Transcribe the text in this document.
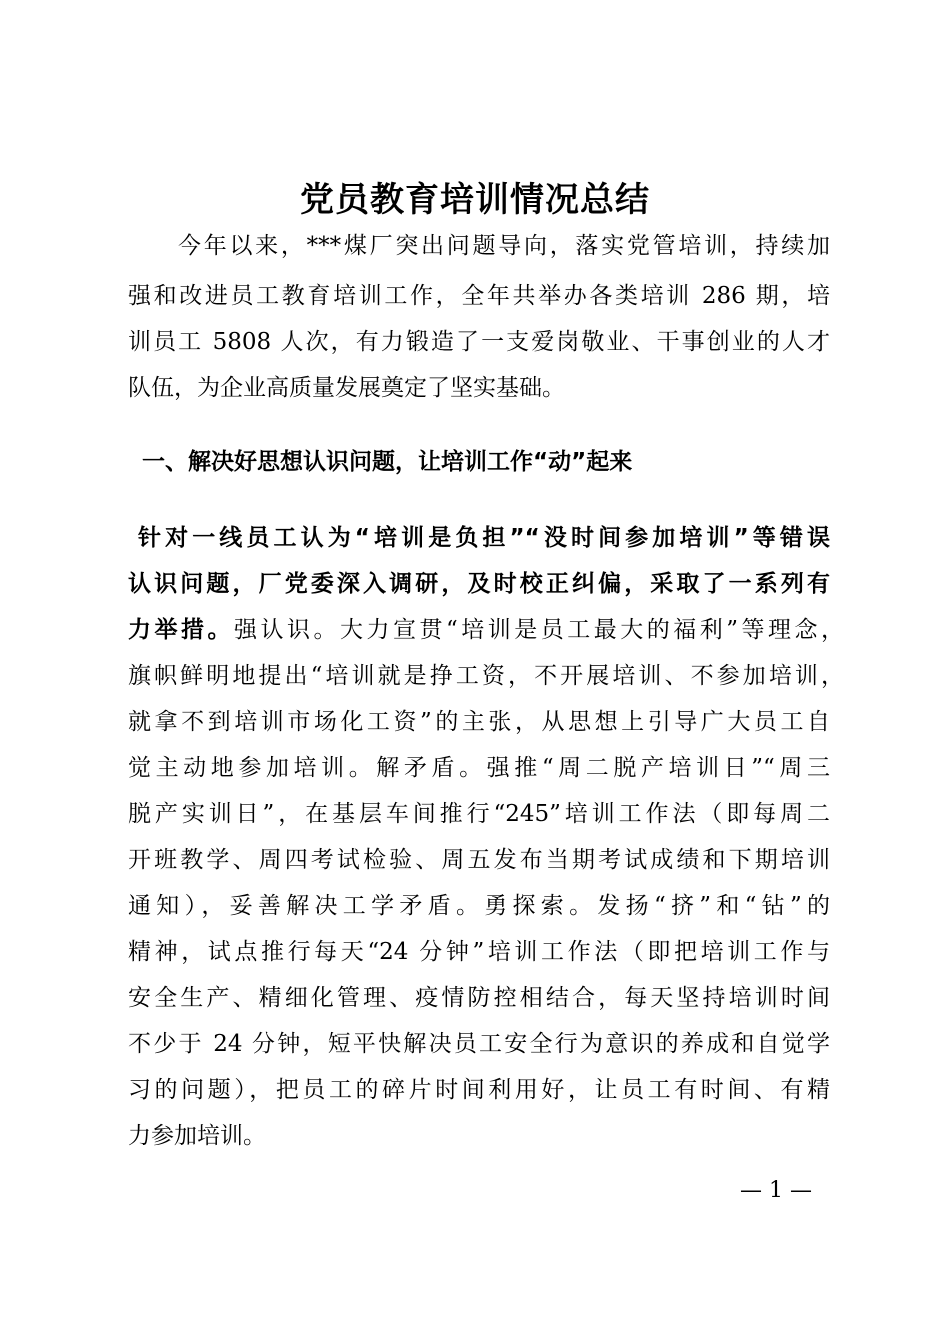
党员教育培训情况总结
今年以来，***煤厂突出问题导向，落实党管培训，持续加
强和改进员工教育培训工作，全年共举办各类培训 286 期，培
训员工 5808 人次，有力锻造了一支爱岗敬业、干事创业的人才
队伍，为企业高质量发展奠定了坚实基础。
一、解决好思想认识问题，让培训工作“动”起来
针对一线员工认为“培训是负担”“没时间参加培训”等错误
认识问题，厂党委深入调研，及时校正纠偏，采取了一系列有
力举措。强认识。大力宣贯“培训是员工最大的福利”等理念，
旗帜鲜明地提出“培训就是挣工资，不开展培训、不参加培训，
就拿不到培训市场化工资”的主张，从思想上引导广大员工自
觉主动地参加培训。解矛盾。强推“周二脱产培训日”“周三
脱产实训日”，在基层车间推行“245”培训工作法（即每周二
开班教学、周四考试检验、周五发布当期考试成绩和下期培训
通知），妥善解决工学矛盾。勇探索。发扬“挤”和“钻”的
精神，试点推行每天“24 分钟”培训工作法（即把培训工作与
安全生产、精细化管理、疫情防控相结合，每天坚持培训时间
不少于 24 分钟，短平快解决员工安全行为意识的养成和自觉学
习的问题），把员工的碎片时间利用好，让员工有时间、有精
力参加培训。
— 1 —
